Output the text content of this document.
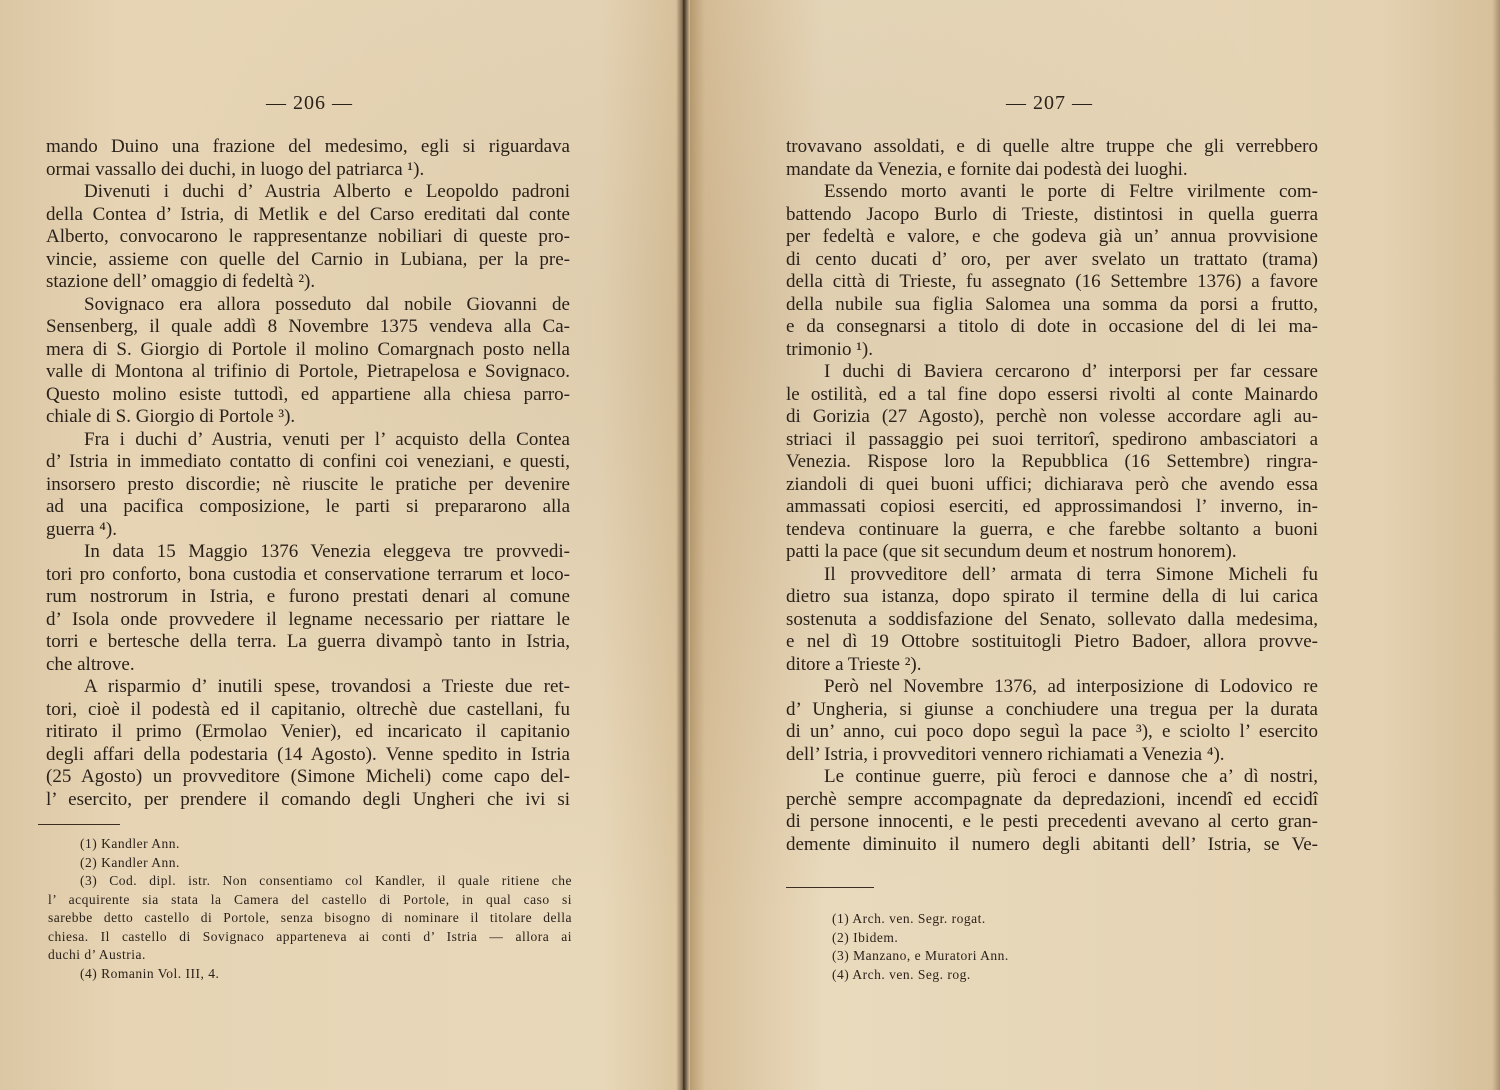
— 206 —
mando Duino una frazione del medesimo, egli si riguardava
ormai vassallo dei duchi, in luogo del patriarca ¹).
Divenuti i duchi d’ Austria Alberto e Leopoldo padroni
della Contea d’ Istria, di Metlik e del Carso ereditati dal conte
Alberto, convocarono le rappresentanze nobiliari di queste pro-
vincie, assieme con quelle del Carnio in Lubiana, per la pre-
stazione dell’ omaggio di fedeltà ²).
Sovignaco era allora posseduto dal nobile Giovanni de
Sensenberg, il quale addì 8 Novembre 1375 vendeva alla Ca-
mera di S. Giorgio di Portole il molino Comargnach posto nella
valle di Montona al trifinio di Portole, Pietrapelosa e Sovignaco.
Questo molino esiste tuttodì, ed appartiene alla chiesa parro-
chiale di S. Giorgio di Portole ³).
Fra i duchi d’ Austria, venuti per l’ acquisto della Contea
d’ Istria in immediato contatto di confini coi veneziani, e questi,
insorsero presto discordie; nè riuscite le pratiche per devenire
ad una pacifica composizione, le parti si prepararono alla
guerra ⁴).
In data 15 Maggio 1376 Venezia eleggeva tre provvedi-
tori pro conforto, bona custodia et conservatione terrarum et loco-
rum nostrorum in Istria, e furono prestati denari al comune
d’ Isola onde provvedere il legname necessario per riattare le
torri e bertesche della terra. La guerra divampò tanto in Istria,
che altrove.
A risparmio d’ inutili spese, trovandosi a Trieste due ret-
tori, cioè il podestà ed il capitanio, oltrechè due castellani, fu
ritirato il primo (Ermolao Venier), ed incaricato il capitanio
degli affari della podestaria (14 Agosto). Venne spedito in Istria
(25 Agosto) un provveditore (Simone Micheli) come capo del-
l’ esercito, per prendere il comando degli Ungheri che ivi si
(1) Kandler Ann.
(2) Kandler Ann.
(3) Cod. dipl. istr. Non consentiamo col Kandler, il quale ritiene che
l’ acquirente sia stata la Camera del castello di Portole, in qual caso si
sarebbe detto castello di Portole, senza bisogno di nominare il titolare della
chiesa. Il castello di Sovignaco apparteneva ai conti d’ Istria — allora ai
duchi d’ Austria.
(4) Romanin Vol. III, 4.
— 207 —
trovavano assoldati, e di quelle altre truppe che gli verrebbero
mandate da Venezia, e fornite dai podestà dei luoghi.
Essendo morto avanti le porte di Feltre virilmente com-
battendo Jacopo Burlo di Trieste, distintosi in quella guerra
per fedeltà e valore, e che godeva già un’ annua provvisione
di cento ducati d’ oro, per aver svelato un trattato (trama)
della città di Trieste, fu assegnato (16 Settembre 1376) a favore
della nubile sua figlia Salomea una somma da porsi a frutto,
e da consegnarsi a titolo di dote in occasione del di lei ma-
trimonio ¹).
I duchi di Baviera cercarono d’ interporsi per far cessare
le ostilità, ed a tal fine dopo essersi rivolti al conte Mainardo
di Gorizia (27 Agosto), perchè non volesse accordare agli au-
striaci il passaggio pei suoi territorî, spedirono ambasciatori a
Venezia. Rispose loro la Repubblica (16 Settembre) ringra-
ziandoli di quei buoni uffici; dichiarava però che avendo essa
ammassati copiosi eserciti, ed approssimandosi l’ inverno, in-
tendeva continuare la guerra, e che farebbe soltanto a buoni
patti la pace (que sit secundum deum et nostrum honorem).
Il provveditore dell’ armata di terra Simone Micheli fu
dietro sua istanza, dopo spirato il termine della di lui carica
sostenuta a soddisfazione del Senato, sollevato dalla medesima,
e nel dì 19 Ottobre sostituitogli Pietro Badoer, allora provve-
ditore a Trieste ²).
Però nel Novembre 1376, ad interposizione di Lodovico re
d’ Ungheria, si giunse a conchiudere una tregua per la durata
di un’ anno, cui poco dopo seguì la pace ³), e sciolto l’ esercito
dell’ Istria, i provveditori vennero richiamati a Venezia ⁴).
Le continue guerre, più feroci e dannose che a’ dì nostri,
perchè sempre accompagnate da depredazioni, incendî ed eccidî
di persone innocenti, e le pesti precedenti avevano al certo gran-
demente diminuito il numero degli abitanti dell’ Istria, se Ve-
(1) Arch. ven. Segr. rogat.
(2) Ibidem.
(3) Manzano, e Muratori Ann.
(4) Arch. ven. Seg. rog.
